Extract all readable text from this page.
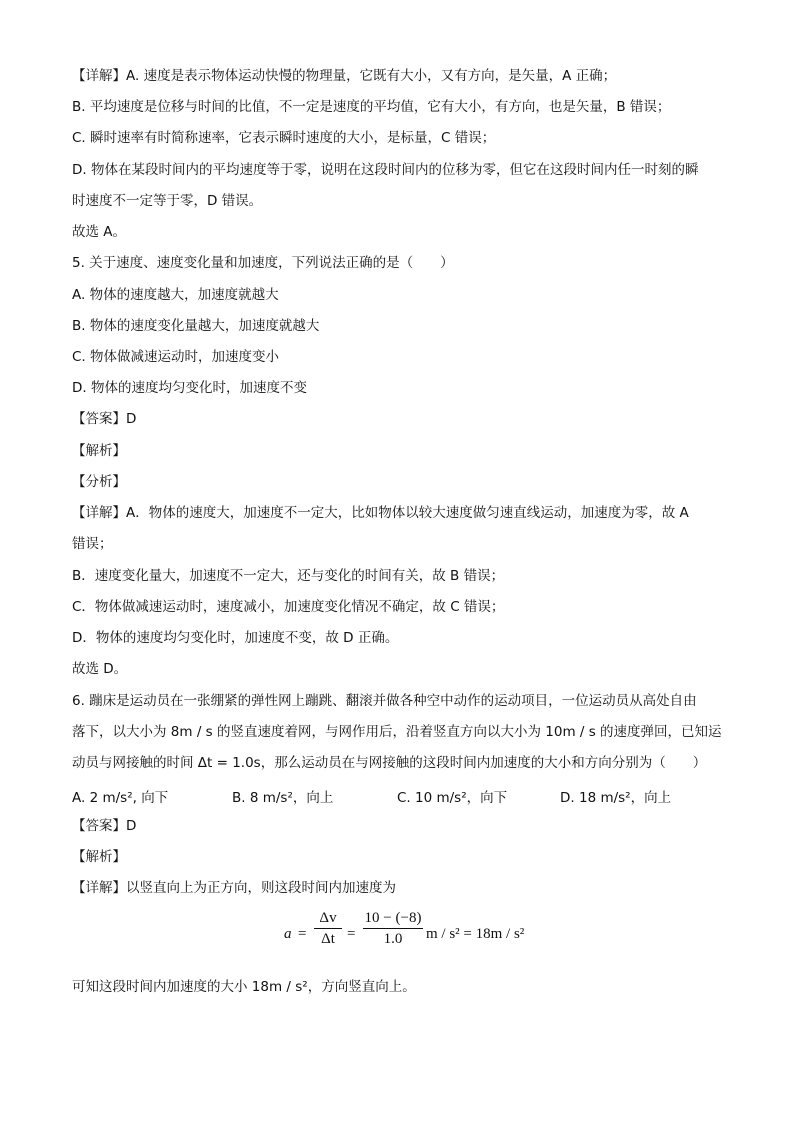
【详解】A. 速度是表示物体运动快慢的物理量，它既有大小，又有方向，是矢量，A 正确；
B. 平均速度是位移与时间的比值，不一定是速度的平均值，它有大小，有方向，也是矢量，B 错误；
C. 瞬时速率有时简称速率，它表示瞬时速度的大小，是标量，C 错误；
D. 物体在某段时间内的平均速度等于零，说明在这段时间内的位移为零，但它在这段时间内任一时刻的瞬
时速度不一定等于零，D 错误。
故选 A。
5. 关于速度、速度变化量和加速度，下列说法正确的是（　　）
A. 物体的速度越大，加速度就越大
B. 物体的速度变化量越大，加速度就越大
C. 物体做减速运动时，加速度变小
D. 物体的速度均匀变化时，加速度不变
【答案】D
【解析】
【分析】
【详解】A．物体的速度大，加速度不一定大，比如物体以较大速度做匀速直线运动，加速度为零，故 A
错误；
B．速度变化量大，加速度不一定大，还与变化的时间有关，故 B 错误；
C．物体做减速运动时，速度减小，加速度变化情况不确定，故 C 错误；
D．物体的速度均匀变化时，加速度不变，故 D 正确。
故选 D。
6. 蹦床是运动员在一张绷紧的弹性网上蹦跳、翻滚并做各种空中动作的运动项目，一位运动员从高处自由
落下，以大小为 8m / s 的竖直速度着网，与网作用后，沿着竖直方向以大小为 10m / s 的速度弹回，已知运
动员与网接触的时间 Δt = 1.0s，那么运动员在与网接触的这段时间内加速度的大小和方向分别为（　　）
A. 2 m/s², 向下	B. 8 m/s²，向上	C. 10 m/s²，向下	D. 18 m/s²，向上
【答案】D
【解析】
【详解】以竖直向上为正方向，则这段时间内加速度为
a =
Δv
Δt =
10 − (−8)
1.0	m / s² = 18m / s²
可知这段时间内加速度的大小 18m / s²，方向竖直向上。
